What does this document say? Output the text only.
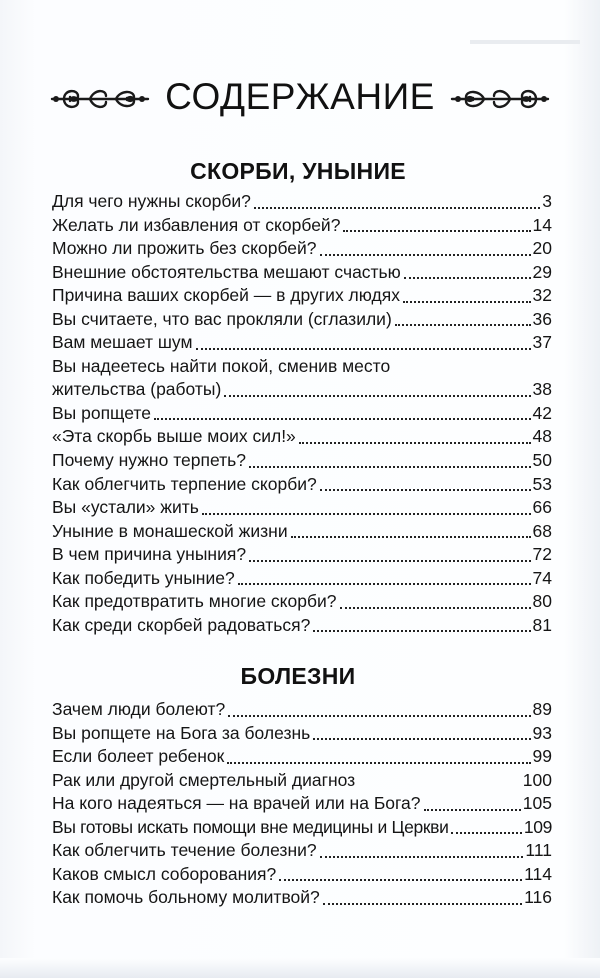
СОДЕРЖАНИЕ
СКОРБИ, УНЫНИЕ
Для чего нужны скорби?	3
Желать ли избавления от скорбей?	14
Можно ли прожить без скорбей?	20
Внешние обстоятельства мешают счастью	29
Причина ваших скорбей — в других людях	32
Вы считаете, что вас прокляли (сглазили)	36
Вам мешает шум	37
Вы надеетесь найти покой, сменив место
жительства (работы)	38
Вы ропщете	42
«Эта скорбь выше моих сил!»	48
Почему нужно терпеть?	50
Как облегчить терпение скорби?	53
Вы «устали» жить	66
Уныние в монашеской жизни	68
В чем причина уныния?	72
Как победить уныние?	74
Как предотвратить многие скорби?	80
Как среди скорбей радоваться?	81
БОЛЕЗНИ
Зачем люди болеют?	89
Вы ропщете на Бога за болезнь	93
Если болеет ребенок	99
Рак или другой смертельный диагноз	100
На кого надеяться — на врачей или на Бога?	105
Вы готовы искать помощи вне медицины и Церкви	109
Как облегчить течение болезни?	111
Каков смысл соборования?	114
Как помочь больному молитвой?	116
